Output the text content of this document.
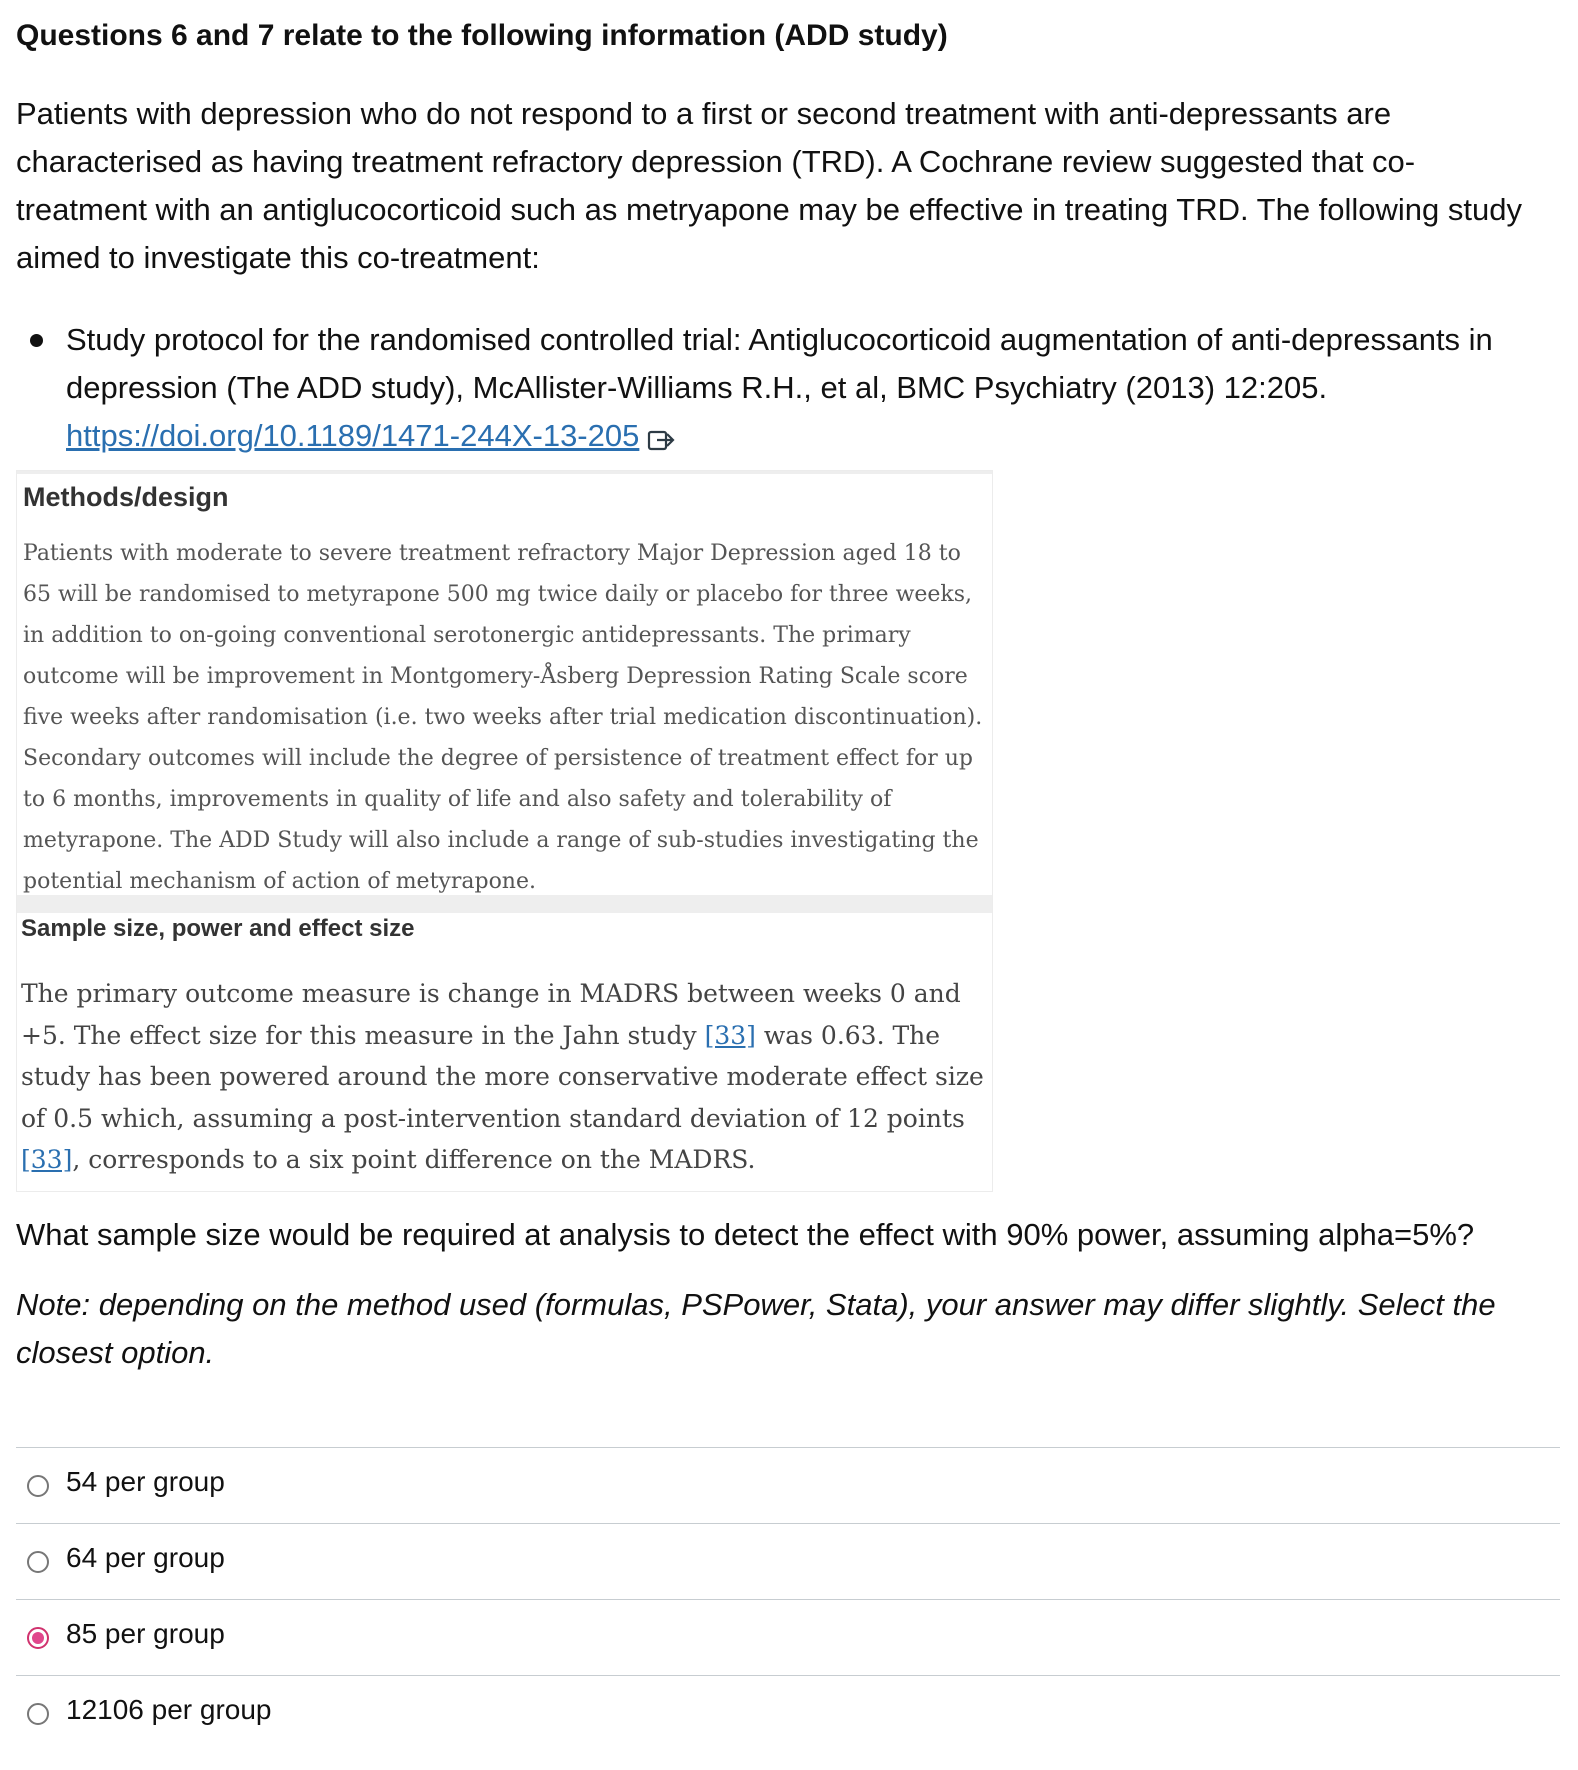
Questions 6 and 7 relate to the following information (ADD study)
Patients with depression who do not respond to a first or second treatment with anti-depressants are characterised as having treatment refractory depression (TRD). A Cochrane review suggested that co-treatment with an antiglucocorticoid such as metryapone may be effective in treating TRD. The following study aimed to investigate this co-treatment:
Study protocol for the randomised controlled trial: Antiglucocorticoid augmentation of anti-depressants in depression (The ADD study), McAllister-Williams R.H., et al, BMC Psychiatry (2013) 12:205.
https://doi.org/10.1189/1471-244X-13-205
Methods/design
Patients with moderate to severe treatment refractory Major Depression aged 18 to 65 will be randomised to metyrapone 500 mg twice daily or placebo for three weeks, in addition to on-going conventional serotonergic antidepressants. The primary outcome will be improvement in Montgomery-Åsberg Depression Rating Scale score five weeks after randomisation (i.e. two weeks after trial medication discontinuation). Secondary outcomes will include the degree of persistence of treatment effect for up to 6 months, improvements in quality of life and also safety and tolerability of metyrapone. The ADD Study will also include a range of sub-studies investigating the potential mechanism of action of metyrapone.
Sample size, power and effect size
The primary outcome measure is change in MADRS between weeks 0 and +5. The effect size for this measure in the Jahn study [33] was 0.63. The study has been powered around the more conservative moderate effect size of 0.5 which, assuming a post-intervention standard deviation of 12 points [33], corresponds to a six point difference on the MADRS.
What sample size would be required at analysis to detect the effect with 90% power, assuming alpha=5%?
Note: depending on the method used (formulas, PSPower, Stata), your answer may differ slightly. Select the closest option.
54 per group
64 per group
85 per group
12106 per group
